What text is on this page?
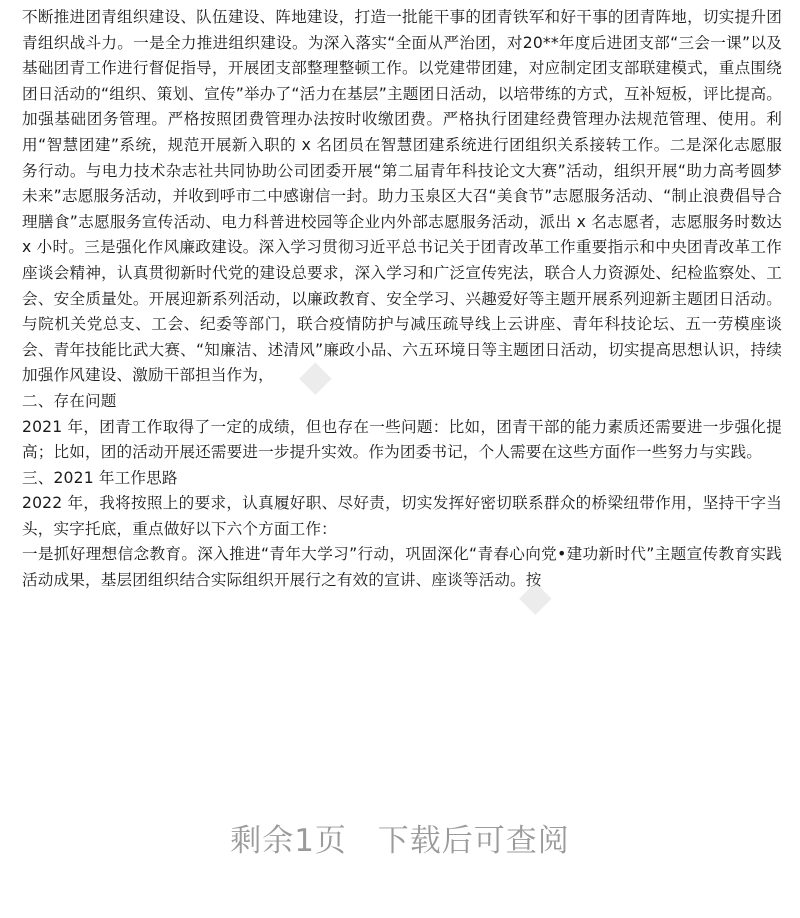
不断推进团青组织建设、队伍建设、阵地建设，打造一批能干事的团青铁军和好干事的团青阵地，切实提升团青组织战斗力。一是全力推进组织建设。为深入落实“全面从严治团，对20**年度后进团支部“三会一课”以及基础团青工作进行督促指导，开展团支部整理整顿工作。以党建带团建，对应制定团支部联建模式，重点围绕团日活动的“组织、策划、宣传”举办了“活力在基层”主题团日活动，以培带练的方式，互补短板，评比提高。加强基础团务管理。严格按照团费管理办法按时收缴团费。严格执行团建经费管理办法规范管理、使用。利用“智慧团建”系统，规范开展新入职的 x 名团员在智慧团建系统进行团组织关系接转工作。二是深化志愿服务行动。与电力技术杂志社共同协助公司团委开展“第二届青年科技论文大赛”活动，组织开展“助力高考圆梦未来”志愿服务活动，并收到呼市二中感谢信一封。助力玉泉区大召“美食节”志愿服务活动、“制止浪费倡导合理膳食”志愿服务宣传活动、电力科普进校园等企业内外部志愿服务活动，派出 x 名志愿者，志愿服务时数达 x 小时。三是强化作风廉政建设。深入学习贯彻习近平总书记关于团青改革工作重要指示和中央团青改革工作座谈会精神，认真贯彻新时代党的建设总要求，深入学习和广泛宣传宪法，联合人力资源处、纪检监察处、工会、安全质量处。开展迎新系列活动，以廉政教育、安全学习、兴趣爱好等主题开展系列迎新主题团日活动。与院机关党总支、工会、纪委等部门，联合疫情防护与减压疏导线上云讲座、青年科技论坛、五一劳模座谈会、青年技能比武大赛、“知廉洁、述清风”廉政小品、六五环境日等主题团日活动，切实提高思想认识，持续加强作风建设、激励干部担当作为，

二、存在问题

2021 年，团青工作取得了一定的成绩，但也存在一些问题：比如，团青干部的能力素质还需要进一步强化提高；比如，团的活动开展还需要进一步提升实效。作为团委书记，个人需要在这些方面作一些努力与实践。

三、2021 年工作思路

2022 年，我将按照上的要求，认真履好职、尽好责，切实发挥好密切联系群众的桥梁纽带作用，坚持干字当头，实字托底，重点做好以下六个方面工作：

一是抓好理想信念教育。深入推进“青年大学习”行动，巩固深化“青春心向党•建功新时代”主题宣传教育实践活动成果，基层团组织结合实际组织开展行之有效的宣讲、座谈等活动。按

■
■
剩余1页 下载后可查阅
